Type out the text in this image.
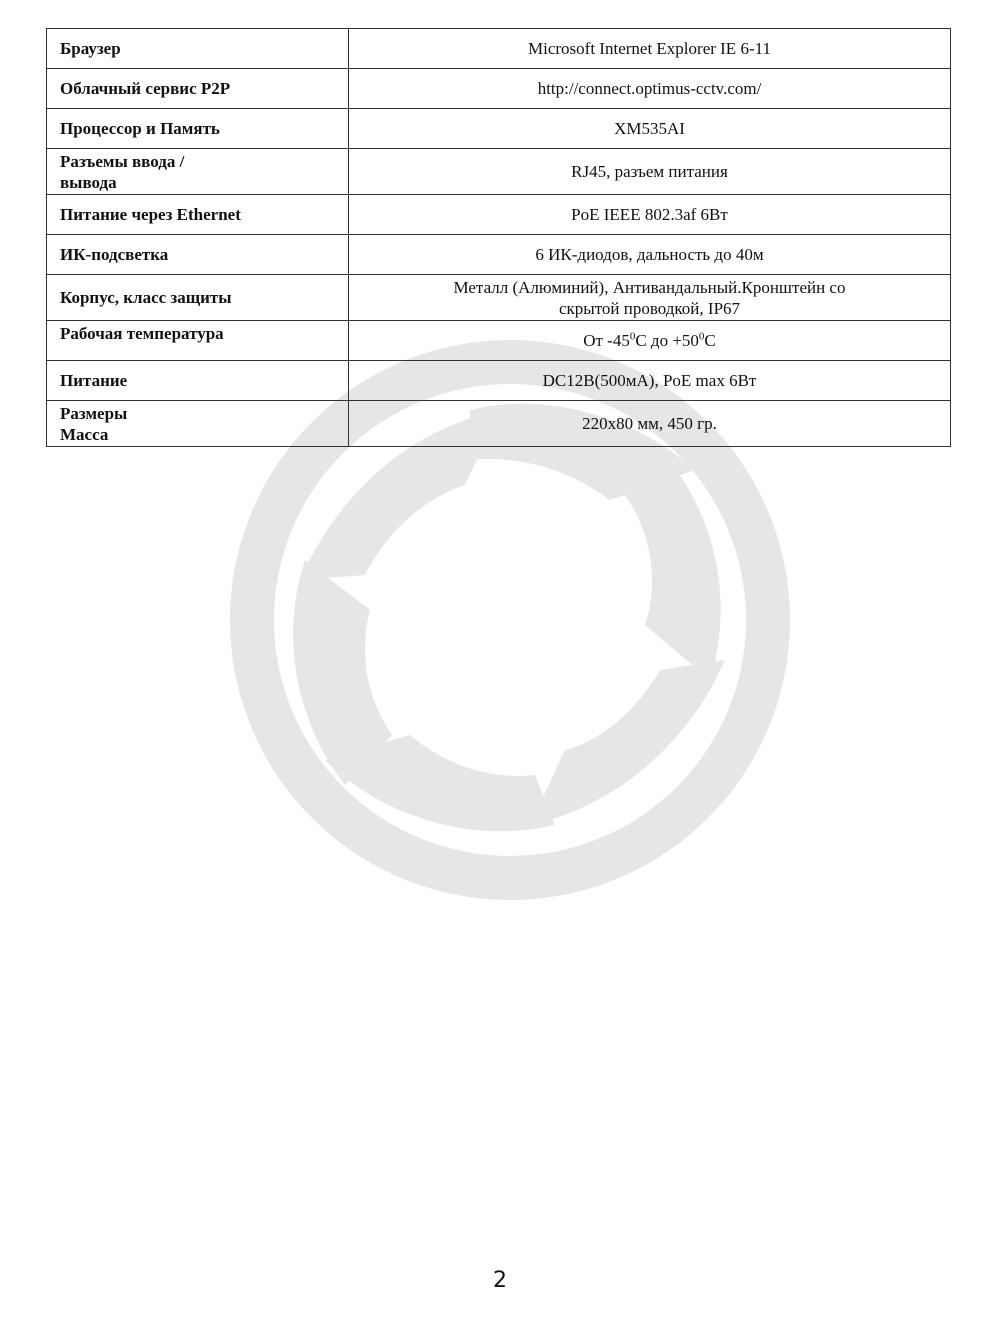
Браузер	Microsoft Internet Explorer IE 6-11

Облачный сервис P2P	http://connect.optimus-cctv.com/

Процессор и Память	XM535AI

Разъемы ввода /
вывода	RJ45, разъем питания

Питание через Ethernet	PoE IEEE 802.3af 6Вт

ИК-подсветка	6 ИК-диодов, дальность до 40м

Корпус, класс защиты	Металл (Алюминий), Антивандальный.Кронштейн со
скрытой проводкой, IP67

Рабочая температура	От $-45^0C$ до $+50^0C$

Питание	DC12В(500мА), PoE max 6Вт

Размеры
Масса	220x80 мм, 450 гр.
2
